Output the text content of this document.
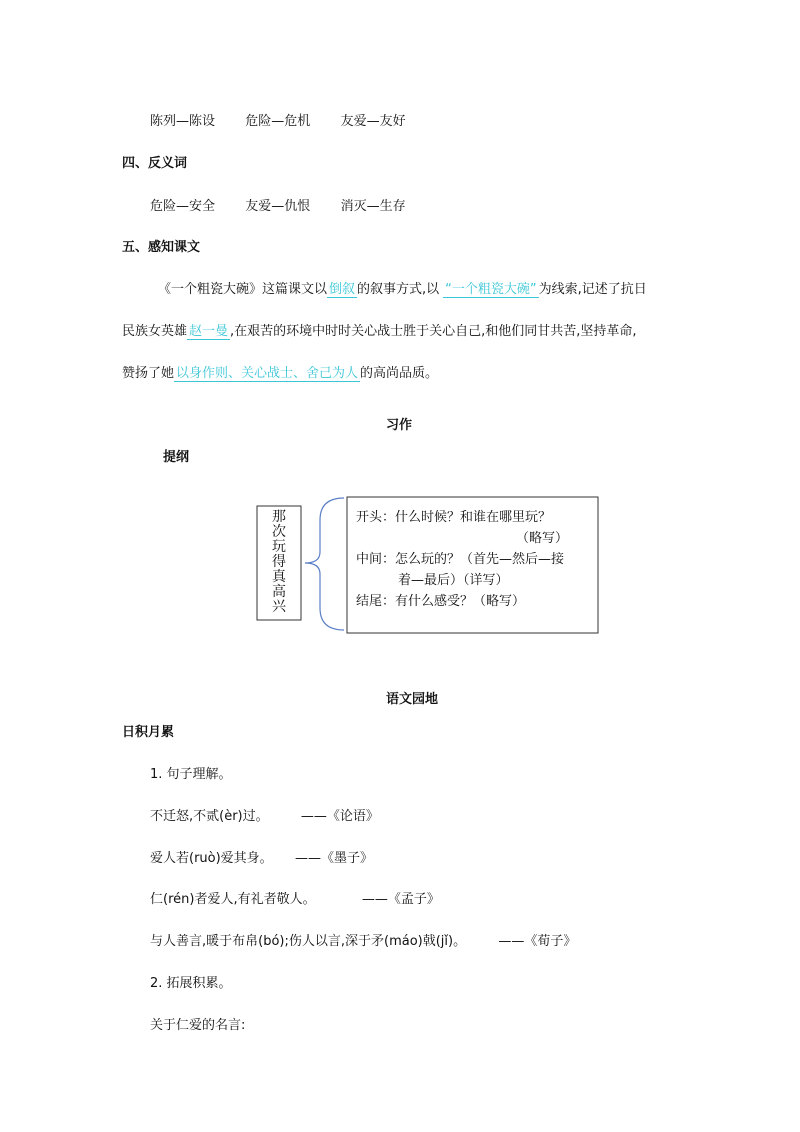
陈列—陈设 危险—危机 友爱—友好
四、反义词
危险—安全 友爱—仇恨 消灭—生存
五、感知课文
《一个粗瓷大碗》这篇课文以 倒叙 的叙事方式,以 “一个粗瓷大碗” 为线索,记述了抗日
民族女英雄 赵一曼 ,在艰苦的环境中时时关心战士胜于关心自己,和他们同甘共苦,坚持革命,
赞扬了她 以身作则、关心战士、舍己为人 的高尚品质。
习作
提纲
那
次
玩
得
真
高
兴
开头：什么时候？和谁在哪里玩？
（略写）
中间：怎么玩的？（首先—然后—接
着—最后）（详写）
结尾：有什么感受？（略写）
语文园地
日积月累
1. 句子理解。
不迁怒,不贰(èr)过。 ——《论语》
爱人若(ruò)爱其身。 ——《墨子》
仁(rén)者爱人,有礼者敬人。	——《孟子》
与人善言,暖于布帛(bó);伤人以言,深于矛(máo)戟(jǐ)。 ——《荀子》
2. 拓展积累。
关于仁爱的名言:
